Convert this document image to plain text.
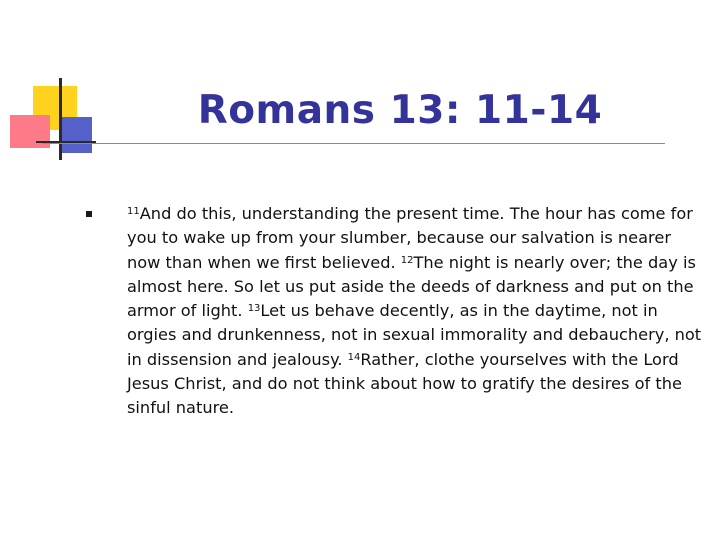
Romans 13: 11-14

$^{11}$And do this, understanding the present time. The hour has come for you to wake up from your slumber, because our salvation is nearer now than when we first believed. $^{12}$The night is nearly over; the day is almost here. So let us put aside the deeds of darkness and put on the armor of light. $^{13}$Let us behave decently, as in the daytime, not in orgies and drunkenness, not in sexual immorality and debauchery, not in dissension and jealousy. $^{14}$Rather, clothe yourselves with the Lord Jesus Christ, and do not think about how to gratify the desires of the sinful nature.
